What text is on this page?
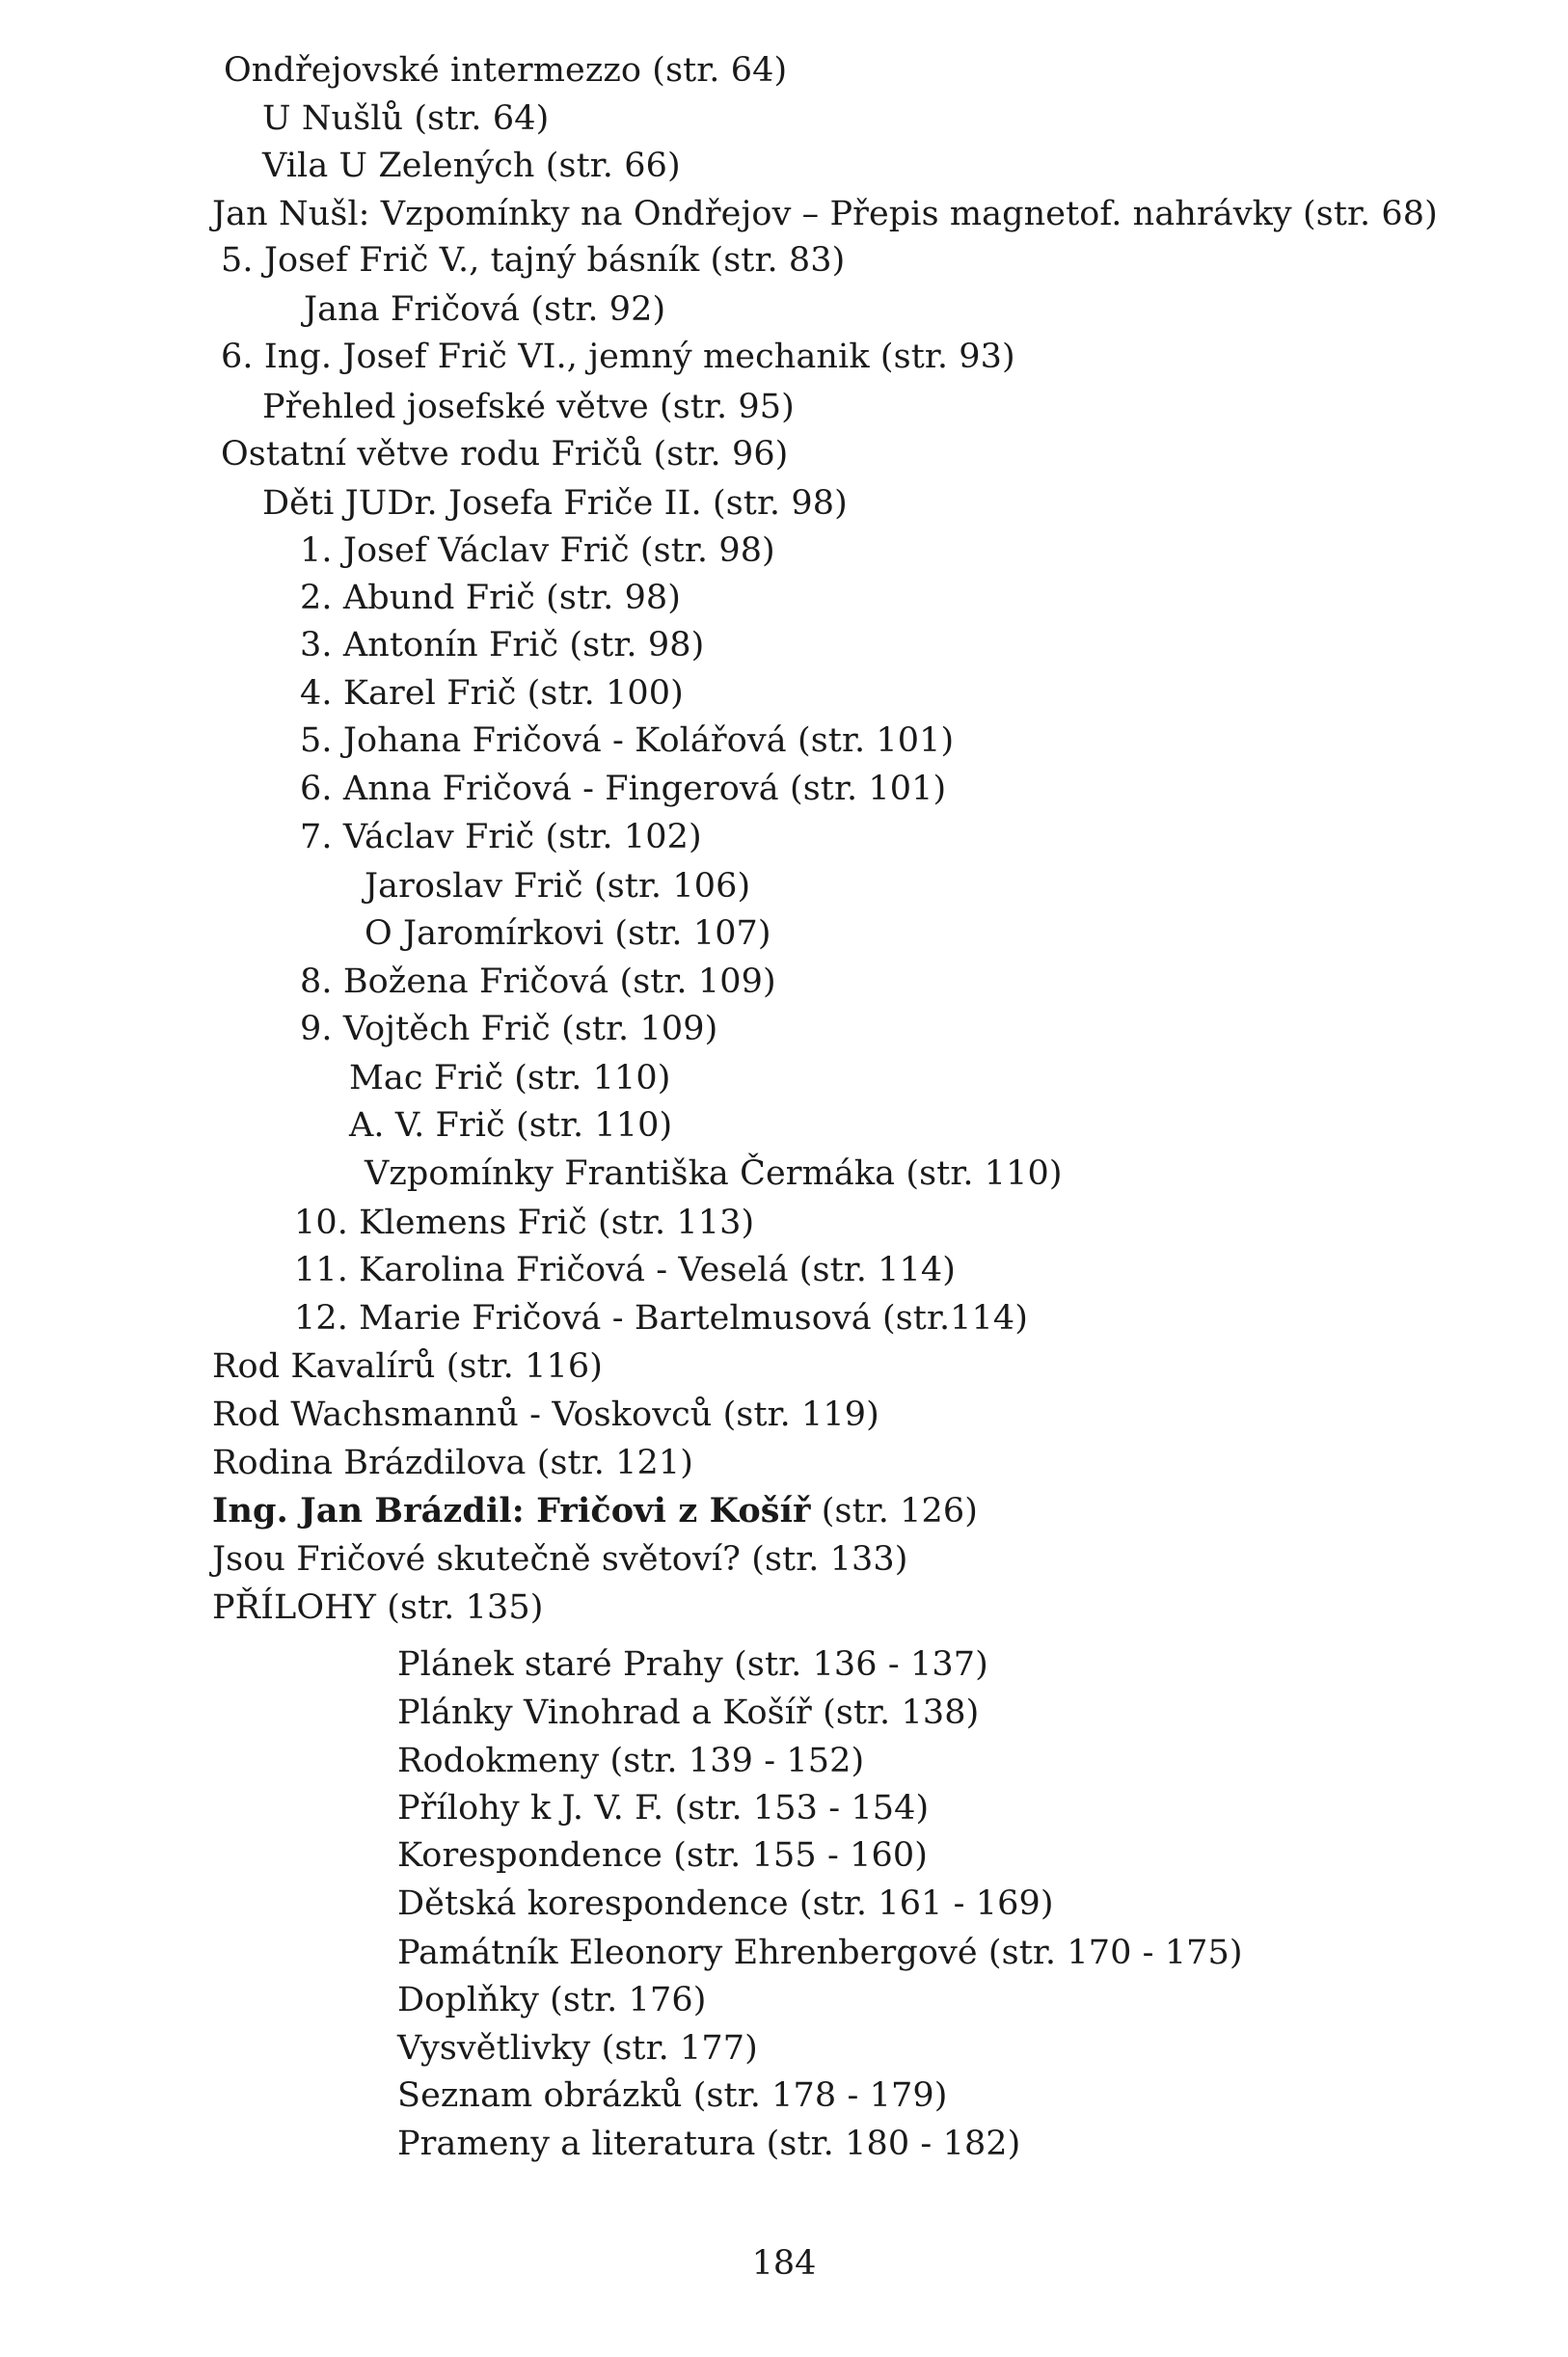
Ondřejovské intermezzo (str. 64)
U Nušlů (str. 64)
Vila U Zelených (str. 66)
Jan Nušl: Vzpomínky na Ondřejov – Přepis magnetof. nahrávky (str. 68)
5. Josef Frič V., tajný básník (str. 83)
Jana Fričová (str. 92)
6. Ing. Josef Frič VI., jemný mechanik (str. 93)
Přehled josefské větve (str. 95)
Ostatní větve rodu Fričů (str. 96)
Děti JUDr. Josefa Friče II. (str. 98)
1. Josef Václav Frič (str. 98)
2. Abund Frič (str. 98)
3. Antonín Frič (str. 98)
4. Karel Frič (str. 100)
5. Johana Fričová - Kolářová (str. 101)
6. Anna Fričová - Fingerová (str. 101)
7. Václav Frič (str. 102)
Jaroslav Frič (str. 106)
O Jaromírkovi (str. 107)
8. Božena Fričová (str. 109)
9. Vojtěch Frič (str. 109)
Mac Frič (str. 110)
A. V. Frič (str. 110)
Vzpomínky Františka Čermáka (str. 110)
10. Klemens Frič (str. 113)
11. Karolina Fričová - Veselá (str. 114)
12. Marie Fričová - Bartelmusová (str.114)
Rod Kavalírů (str. 116)
Rod Wachsmannů - Voskovců (str. 119)
Rodina Brázdilova (str. 121)
Ing. Jan Brázdil: Fričovi z Košíř (str. 126)
Jsou Fričové skutečně světoví? (str. 133)
PŘÍLOHY (str. 135)
Plánek staré Prahy (str. 136 - 137)
Plánky Vinohrad a Košíř (str. 138)
Rodokmeny (str. 139 - 152)
Přílohy k J. V. F. (str. 153 - 154)
Korespondence (str. 155 - 160)
Dětská korespondence (str. 161 - 169)
Památník Eleonory Ehrenbergové (str. 170 - 175)
Doplňky (str. 176)
Vysvětlivky (str. 177)
Seznam obrázků (str. 178 - 179)
Prameny a literatura (str. 180 - 182)
184
